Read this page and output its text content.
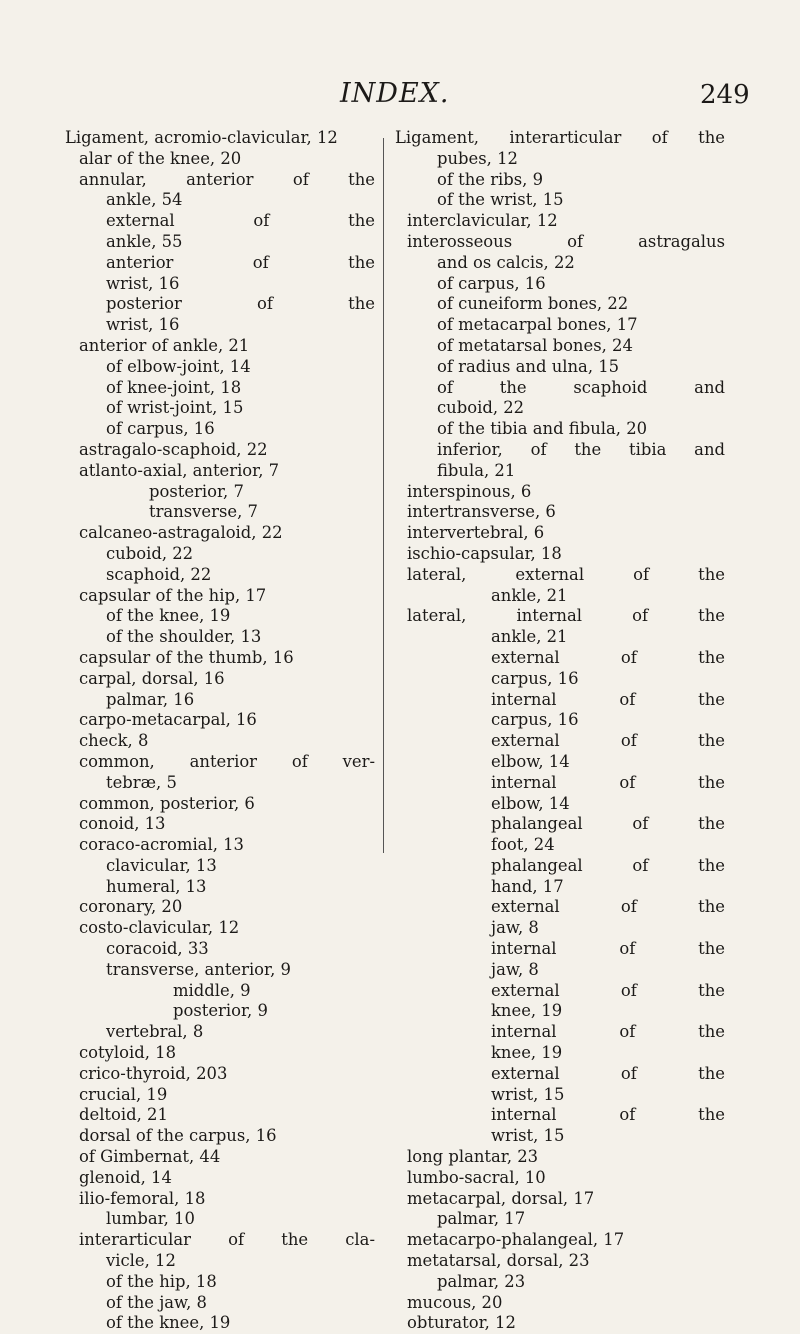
INDEX.	249
Ligament, acromio-clavicular, 12
alar of the knee, 20
annular, anterior of the
ankle, 54
external of the
ankle, 55
anterior of the
wrist, 16
posterior of the
wrist, 16
anterior of ankle, 21
of elbow-joint, 14
of knee-joint, 18
of wrist-joint, 15
of carpus, 16
astragalo-scaphoid, 22
atlanto-axial, anterior, 7
posterior, 7
transverse, 7
calcaneo-astragaloid, 22
cuboid, 22
scaphoid, 22
capsular of the hip, 17
of the knee, 19
of the shoulder, 13
capsular of the thumb, 16
carpal, dorsal, 16
palmar, 16
carpo-metacarpal, 16
check, 8
common, anterior of ver-
tebræ, 5
common, posterior, 6
conoid, 13
coraco-acromial, 13
clavicular, 13
humeral, 13
coronary, 20
costo-clavicular, 12
coracoid, 33
transverse, anterior, 9
middle, 9
posterior, 9
vertebral, 8
cotyloid, 18
crico-thyroid, 203
crucial, 19
deltoid, 21
dorsal of the carpus, 16
of Gimbernat, 44
glenoid, 14
ilio-femoral, 18
lumbar, 10
interarticular of the cla-
vicle, 12
of the hip, 18
of the jaw, 8
of the knee, 19
Ligament, interarticular of the
pubes, 12
of the ribs, 9
of the wrist, 15
interclavicular, 12
interosseous of astragalus
and os calcis, 22
of carpus, 16
of cuneiform bones, 22
of metacarpal bones, 17
of metatarsal bones, 24
of radius and ulna, 15
of the scaphoid and
cuboid, 22
of the tibia and fibula, 20
inferior, of the tibia and
fibula, 21
interspinous, 6
intertransverse, 6
intervertebral, 6
ischio-capsular, 18
lateral, external of the
ankle, 21
lateral, internal of the
ankle, 21
external of the
carpus, 16
internal of the
carpus, 16
external of the
elbow, 14
internal of the
elbow, 14
phalangeal of the
foot, 24
phalangeal of the
hand, 17
external of the
jaw, 8
internal of the
jaw, 8
external of the
knee, 19
internal of the
knee, 19
external of the
wrist, 15
internal of the
wrist, 15
long plantar, 23
lumbo-sacral, 10
metacarpal, dorsal, 17
palmar, 17
metacarpo-phalangeal, 17
metatarsal, dorsal, 23
palmar, 23
mucous, 20
obturator, 12
